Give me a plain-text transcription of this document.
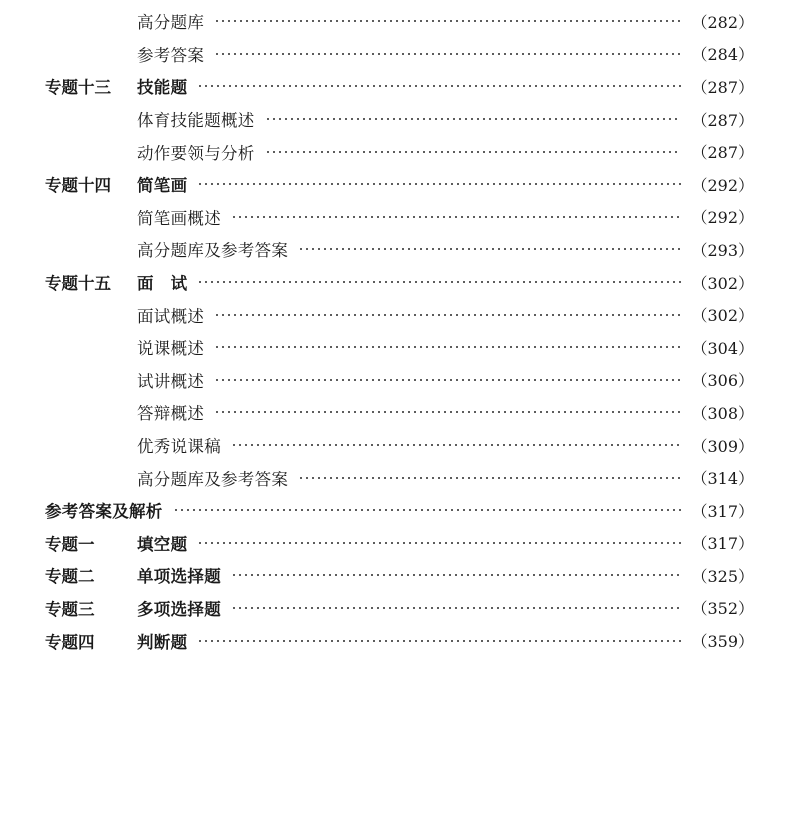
高分题库	（282）
参考答案	（284）
专题十三	技能题	（287）
体育技能题概述	（287）
动作要领与分析	（287）
专题十四	简笔画	（292）
简笔画概述	（292）
高分题库及参考答案	（293）
专题十五	面　试	（302）
面试概述	（302）
说课概述	（304）
试讲概述	（306）
答辩概述	（308）
优秀说课稿	（309）
高分题库及参考答案	（314）
参考答案及解析	（317）
专题一	填空题	（317）
专题二	单项选择题	（325）
专题三	多项选择题	（352）
专题四	判断题	（359）
